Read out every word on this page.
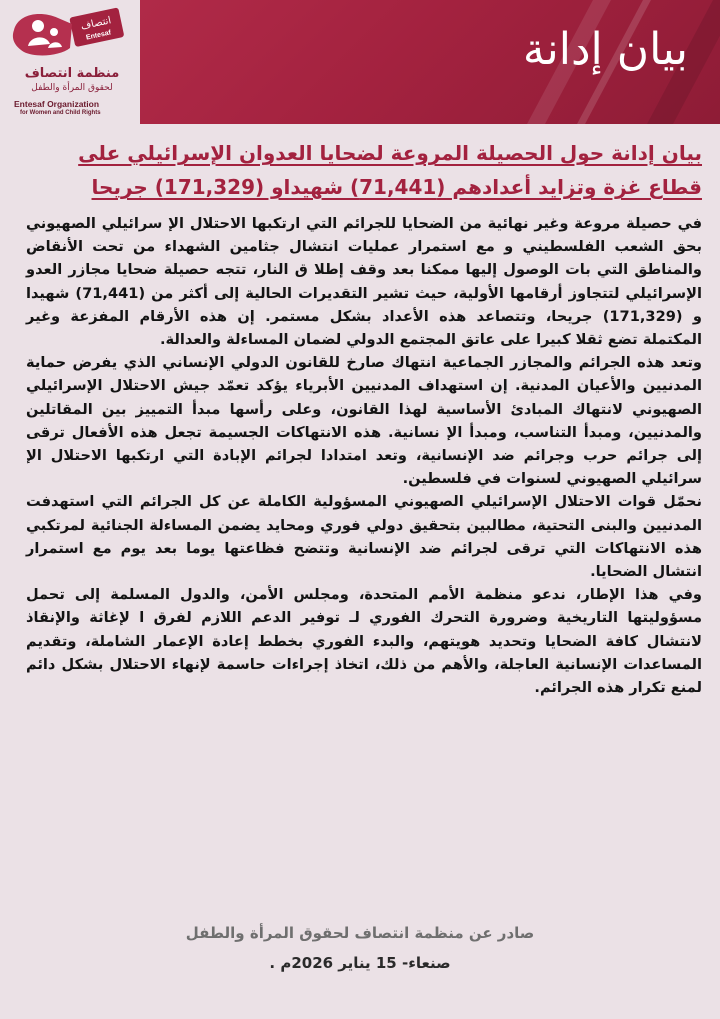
انتصاف
Entesaf
منظمة انتصاف
لحقوق المرأة والطفل
Entesaf Organization
for Women and Child Rights
بيان إدانة
بيان إدانة حول الحصيلة المروعة لضحايا العدوان الإسرائيلي على
قطاع غزة وتزايد أعدادهم (71,441) شهيداو (171,329) جريحا

في حصيلة مروعة وغير نهائية من الضحايا للجرائم التي ارتكبها الاحتلال الإ سرائيلي الصهيوني بحق الشعب الفلسطيني و مع استمرار عمليات انتشال جثامين الشهداء من تحت الأنقاض والمناطق التي بات الوصول إليها ممكنا بعد وقف إطلا ق النار، تتجه حصيلة ضحايا مجازر العدو الإسرائيلي لتتجاوز أرقامها الأولية، حيث تشير التقديرات الحالية إلى أكثر من (71,441) شهيدا و (171,329) جريحا، وتتصاعد هذه الأعداد بشكل مستمر. إن هذه الأرقام المفزعة وغير المكتملة تضع ثقلا كبيرا على عاتق المجتمع الدولي لضمان المساءلة والعدالة.

وتعد هذه الجرائم والمجازر الجماعية انتهاك صارخ للقانون الدولي الإنساني الذي يفرض حماية المدنيين والأعيان المدنية. إن استهداف المدنيين الأبرياء يؤكد تعمّد جيش الاحتلال الإسرائيلي الصهيوني لانتهاك المبادئ الأساسية لهذا القانون، وعلى رأسها مبدأ التمييز بين المقاتلين والمدنيين، ومبدأ التناسب، ومبدأ الإ نسانية. هذه الانتهاكات الجسيمة تجعل هذه الأفعال ترقى إلى جرائم حرب وجرائم ضد الإنسانية، وتعد امتدادا لجرائم الإبادة التي ارتكبها الاحتلال الإ سرائيلي الصهيوني لسنوات في فلسطين.

نحمّل قوات الاحتلال الإسرائيلي الصهيوني المسؤولية الكاملة عن كل الجرائم التي استهدفت المدنيين والبنى التحتية، مطالبين بتحقيق دولي فوري ومحايد يضمن المساءلة الجنائية لمرتكبي هذه الانتهاكات التي ترقى لجرائم ضد الإنسانية وتتضح فظاعتها يوما بعد يوم مع استمرار انتشال الضحايا.

وفي هذا الإطار، ندعو منظمة الأمم المتحدة، ومجلس الأمن، والدول المسلمة إلى تحمل مسؤوليتها التاريخية وضرورة التحرك الفوري لـ توفير الدعم اللازم لفرق ا لإغاثة والإنقاذ لانتشال كافة الضحايا وتحديد هويتهم، والبدء الفوري بخطط إعادة الإعمار الشاملة، وتقديم المساعدات الإنسانية العاجلة، والأهم من ذلك، اتخاذ إجراءات حاسمة لإنهاء الاحتلال بشكل دائم لمنع تكرار هذه الجرائم.

صادر عن منظمة انتصاف لحقوق المرأة والطفل
صنعاء- 15 يناير 2026م .
